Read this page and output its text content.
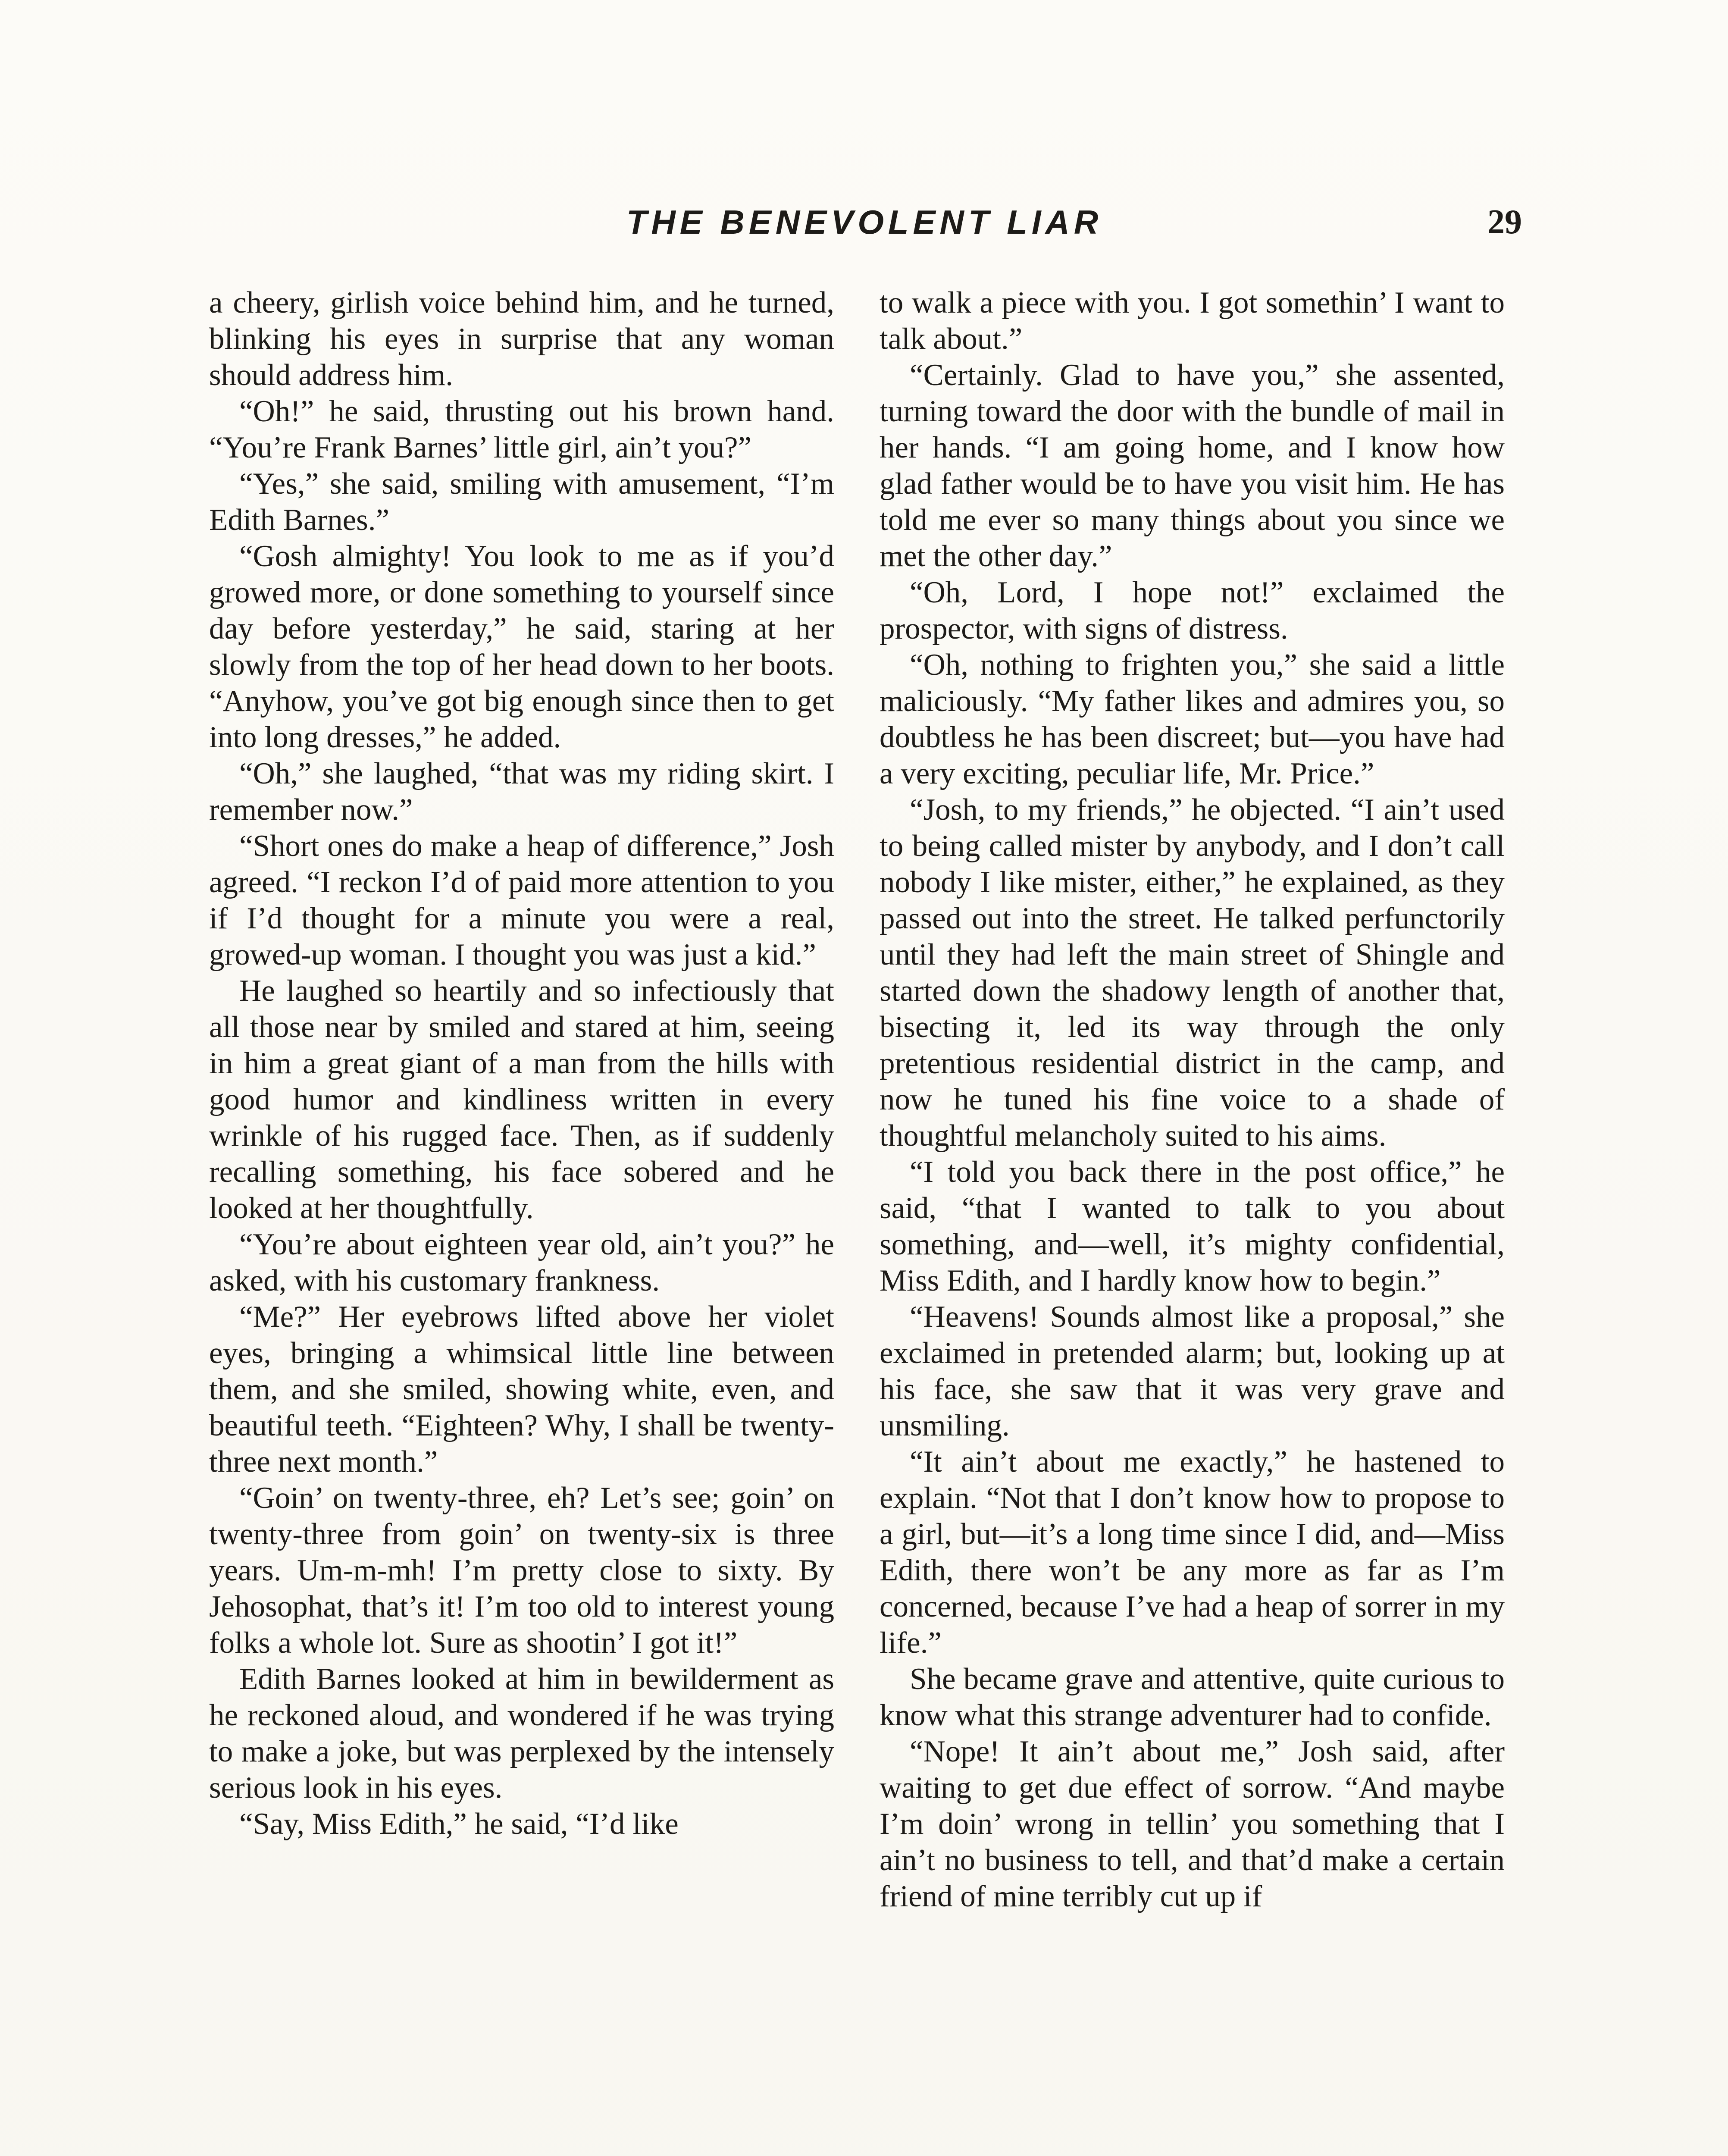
THE BENEVOLENT LIAR	29

a cheery, girlish voice behind him, and he turned, blinking his eyes in surprise that any woman should address him.

“Oh!” he said, thrusting out his brown hand. “You’re Frank Barnes’ little girl, ain’t you?”

“Yes,” she said, smiling with amusement, “I’m Edith Barnes.”

“Gosh almighty! You look to me as if you’d growed more, or done something to yourself since day before yesterday,” he said, staring at her slowly from the top of her head down to her boots. “Anyhow, you’ve got big enough since then to get into long dresses,” he added.

“Oh,” she laughed, “that was my riding skirt. I remember now.”

“Short ones do make a heap of difference,” Josh agreed. “I reckon I’d of paid more attention to you if I’d thought for a minute you were a real, growed-up woman. I thought you was just a kid.”

He laughed so heartily and so infectiously that all those near by smiled and stared at him, seeing in him a great giant of a man from the hills with good humor and kindliness written in every wrinkle of his rugged face. Then, as if suddenly recalling something, his face sobered and he looked at her thoughtfully.

“You’re about eighteen year old, ain’t you?” he asked, with his customary frankness.

“Me?” Her eyebrows lifted above her violet eyes, bringing a whimsical little line between them, and she smiled, showing white, even, and beautiful teeth. “Eighteen? Why, I shall be twenty-three next month.”

“Goin’ on twenty-three, eh? Let’s see; goin’ on twenty-three from goin’ on twenty-six is three years. Um-m-mh! I’m pretty close to sixty. By Jehosophat, that’s it! I’m too old to interest young folks a whole lot. Sure as shootin’ I got it!”

Edith Barnes looked at him in bewilderment as he reckoned aloud, and wondered if he was trying to make a joke, but was perplexed by the intensely serious look in his eyes.

“Say, Miss Edith,” he said, “I’d like

to walk a piece with you. I got somethin’ I want to talk about.”

“Certainly. Glad to have you,” she assented, turning toward the door with the bundle of mail in her hands. “I am going home, and I know how glad father would be to have you visit him. He has told me ever so many things about you since we met the other day.”

“Oh, Lord, I hope not!” exclaimed the prospector, with signs of distress.

“Oh, nothing to frighten you,” she said a little maliciously. “My father likes and admires you, so doubtless he has been discreet; but—you have had a very exciting, peculiar life, Mr. Price.”

“Josh, to my friends,” he objected. “I ain’t used to being called mister by anybody, and I don’t call nobody I like mister, either,” he explained, as they passed out into the street. He talked perfunctorily until they had left the main street of Shingle and started down the shadowy length of another that, bisecting it, led its way through the only pretentious residential district in the camp, and now he tuned his fine voice to a shade of thoughtful melancholy suited to his aims.

“I told you back there in the post office,” he said, “that I wanted to talk to you about something, and—well, it’s mighty confidential, Miss Edith, and I hardly know how to begin.”

“Heavens! Sounds almost like a proposal,” she exclaimed in pretended alarm; but, looking up at his face, she saw that it was very grave and unsmiling.

“It ain’t about me exactly,” he hastened to explain. “Not that I don’t know how to propose to a girl, but—it’s a long time since I did, and—Miss Edith, there won’t be any more as far as I’m concerned, because I’ve had a heap of sorrer in my life.”

She became grave and attentive, quite curious to know what this strange adventurer had to confide.

“Nope! It ain’t about me,” Josh said, after waiting to get due effect of sorrow. “And maybe I’m doin’ wrong in tellin’ you something that I ain’t no business to tell, and that’d make a certain friend of mine terribly cut up if
